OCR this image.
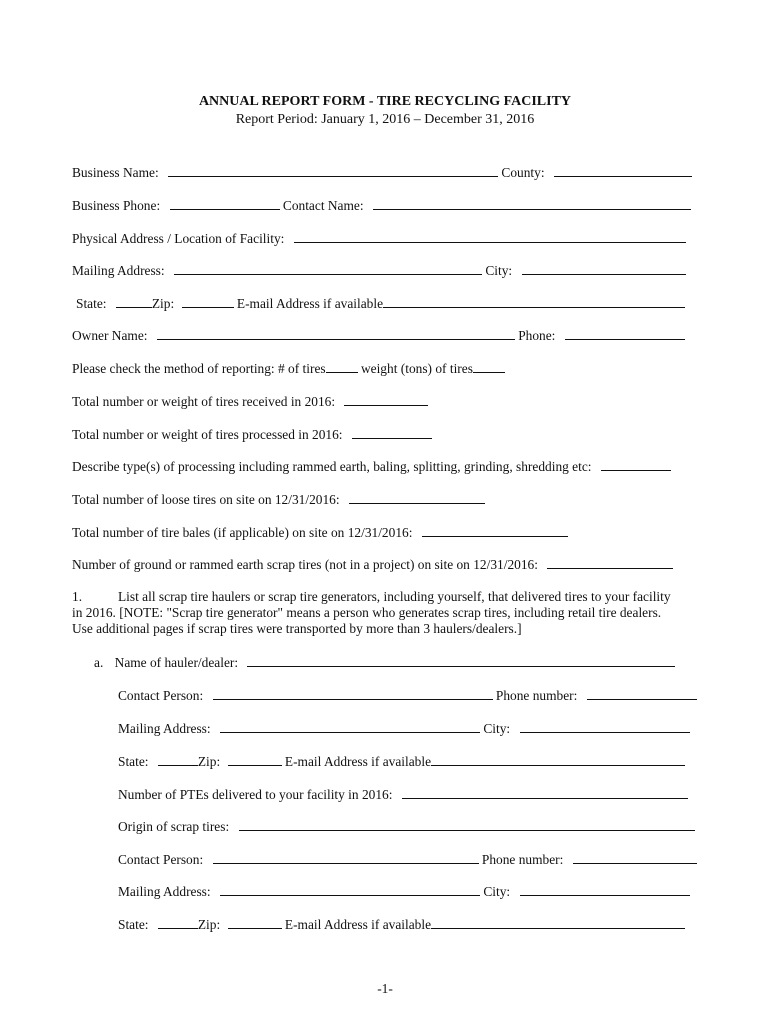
ANNUAL REPORT FORM - TIRE RECYCLING FACILITY
Report Period: January 1, 2016 – December 31, 2016
Business Name:	County:
Business Phone:	Contact Name:
Physical Address / Location of Facility:
Mailing Address:	City:
State:	Zip:	E-mail Address if available
Owner Name:	Phone:
Please check the method of reporting: # of tires	weight (tons) of tires
Total number or weight of tires received in 2016:
Total number or weight of tires processed in 2016:
Describe type(s) of processing including rammed earth, baling, splitting, grinding, shredding etc:
Total number of loose tires on site on 12/31/2016:
Total number of tire bales (if applicable) on site on 12/31/2016:
Number of ground or rammed earth scrap tires (not in a project) on site on 12/31/2016:
1.	List all scrap tire haulers or scrap tire generators, including yourself, that delivered tires to your facility
in 2016. [NOTE: "Scrap tire generator" means a person who generates scrap tires, including retail tire dealers.
Use additional pages if scrap tires were transported by more than 3 haulers/dealers.]
a. Name of hauler/dealer:
Contact Person:	Phone number:
Mailing Address:	City:
State:	Zip:	E-mail Address if available
Number of PTEs delivered to your facility in 2016:
Origin of scrap tires:
Contact Person:	Phone number:
Mailing Address:	City:
State:	Zip:	E-mail Address if available
-1-
